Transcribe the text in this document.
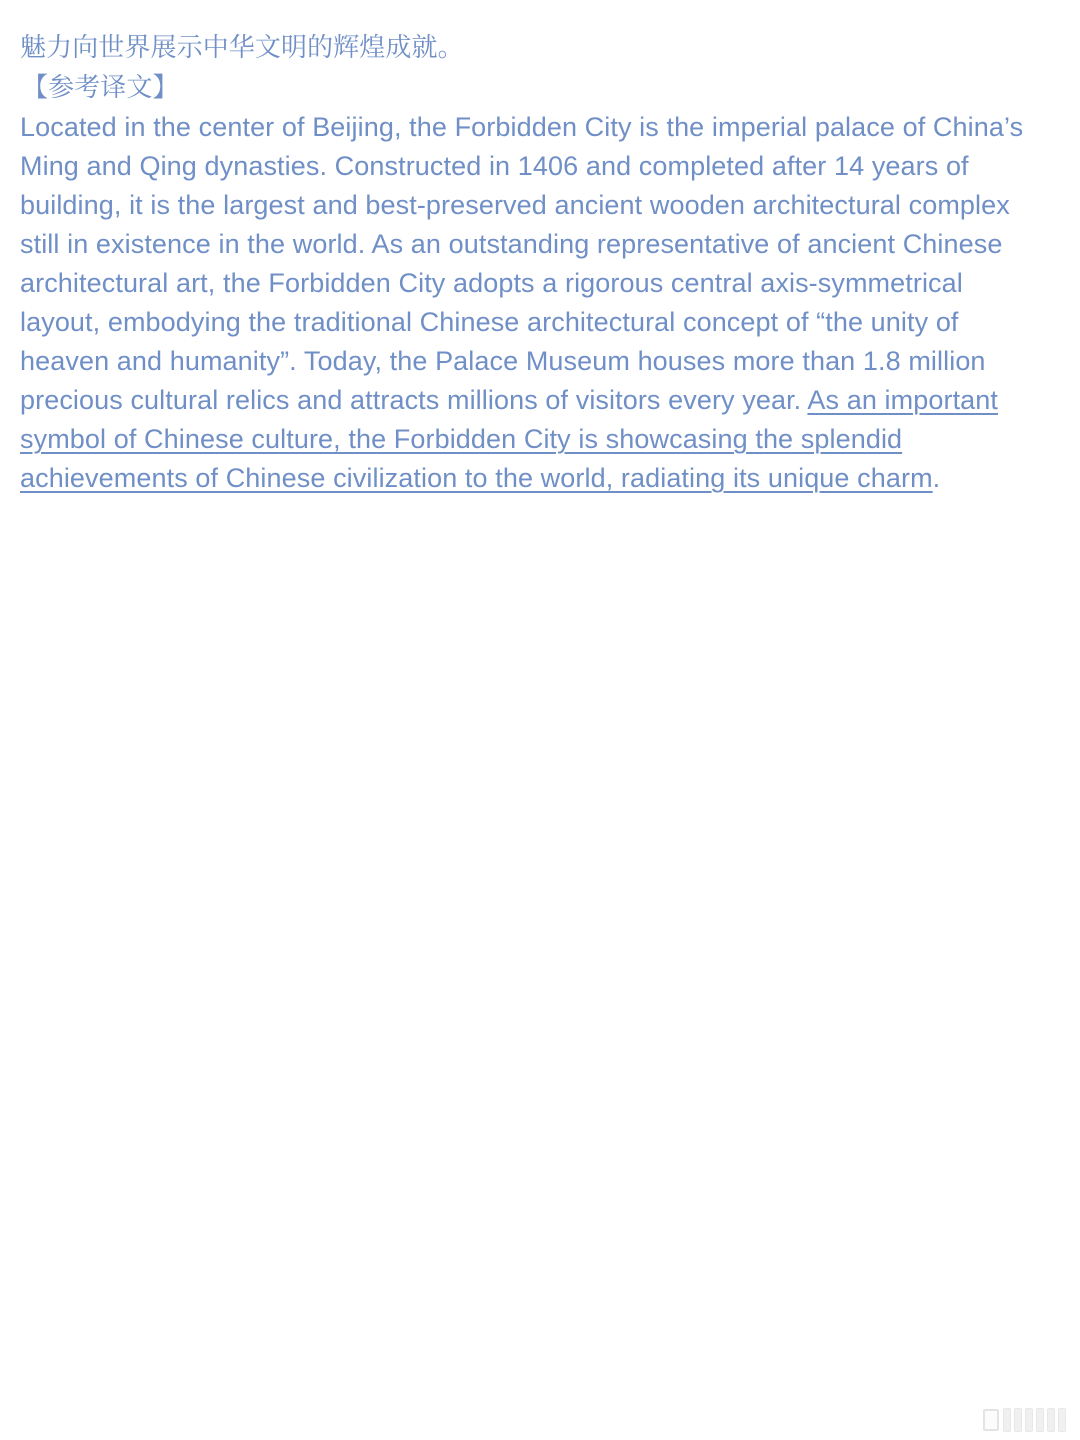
魅力向世界展示中华文明的辉煌成就。
【参考译文】

Located in the center of Beijing, the Forbidden City is the imperial palace of China’s Ming and Qing dynasties. Constructed in 1406 and completed after 14 years of building, it is the largest and best-preserved ancient wooden architectural complex still in existence in the world. As an outstanding representative of ancient Chinese architectural art, the Forbidden City adopts a rigorous central axis-symmetrical layout, embodying the traditional Chinese architectural concept of “the unity of heaven and humanity”. Today, the Palace Museum houses more than 1.8 million precious cultural relics and attracts millions of visitors every year. As an important symbol of Chinese culture, the Forbidden City is showcasing the splendid achievements of Chinese civilization to the world, radiating its unique charm.
